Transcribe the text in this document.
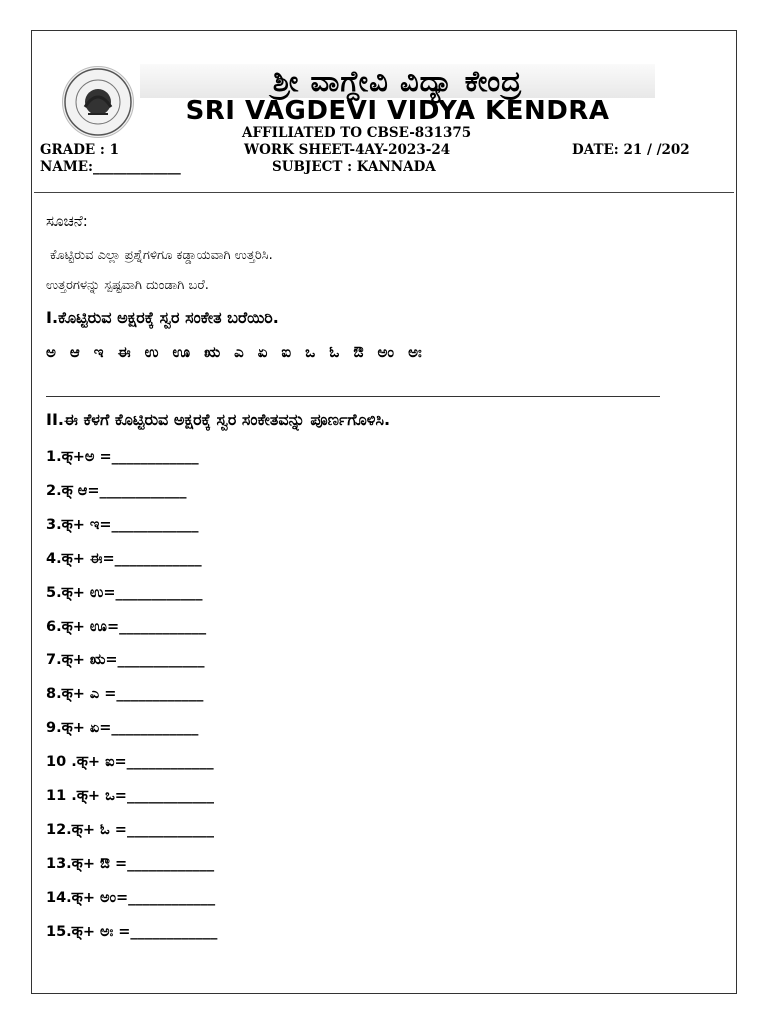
ಶ್ರೀ ವಾಗ್ದೇವಿ ವಿದ್ಯಾ ಕೇಂದ್ರ
SRI VAGDEVI VIDYA KENDRA
AFFILIATED TO CBSE-831375
GRADE : 1	WORK SHEET-4AY-2023-24	DATE: 21 / /202
NAME:_____________	SUBJECT : KANNADA
ಸೂಚನೆ:
ಕೊಟ್ಟಿರುವ ಎಲ್ಲಾ ಪ್ರಶ್ನೆಗಳಿಗೂ ಕಡ್ಡಾಯವಾಗಿ ಉತ್ತರಿಸಿ.
ಉತ್ತರಗಳನ್ನು ಸ್ಪಷ್ಟವಾಗಿ ದುಂಡಾಗಿ ಬರೆ.
I.ಕೊಟ್ಟಿರುವ ಅಕ್ಷರಕ್ಕೆ ಸ್ವರ ಸಂಕೇತ ಬರೆಯಿರಿ.
ಅ ಆ ಇ ಈ ಉ ಊ ಋ ಎ ಏ ಐ ಒ ಓ ಔ ಅಂ ಅಃ
II.ಈ ಕೆಳಗೆ ಕೊಟ್ಟಿರುವ ಅಕ್ಷರಕ್ಕೆ ಸ್ವರ ಸಂಕೇತವನ್ನು ಪೂರ್ಣಗೊಳಿಸಿ.
1.क्+ಅ =____________
2.क् ಆ=____________
3.क्+ ಇ=____________
4.क्+ ಈ=____________
5.क्+ ಉ=____________
6.क्+ ಊ=____________
7.क्+ ಋ=____________
8.क्+ ಎ =____________
9.क्+ ಏ=____________
10 .क्+ ಐ=____________
11 .क्+ ಒ=____________
12.क्+ ಓ =____________
13.क्+ ಔ =____________
14.क्+ ಅಂ=____________
15.क्+ ಅಃ =____________
